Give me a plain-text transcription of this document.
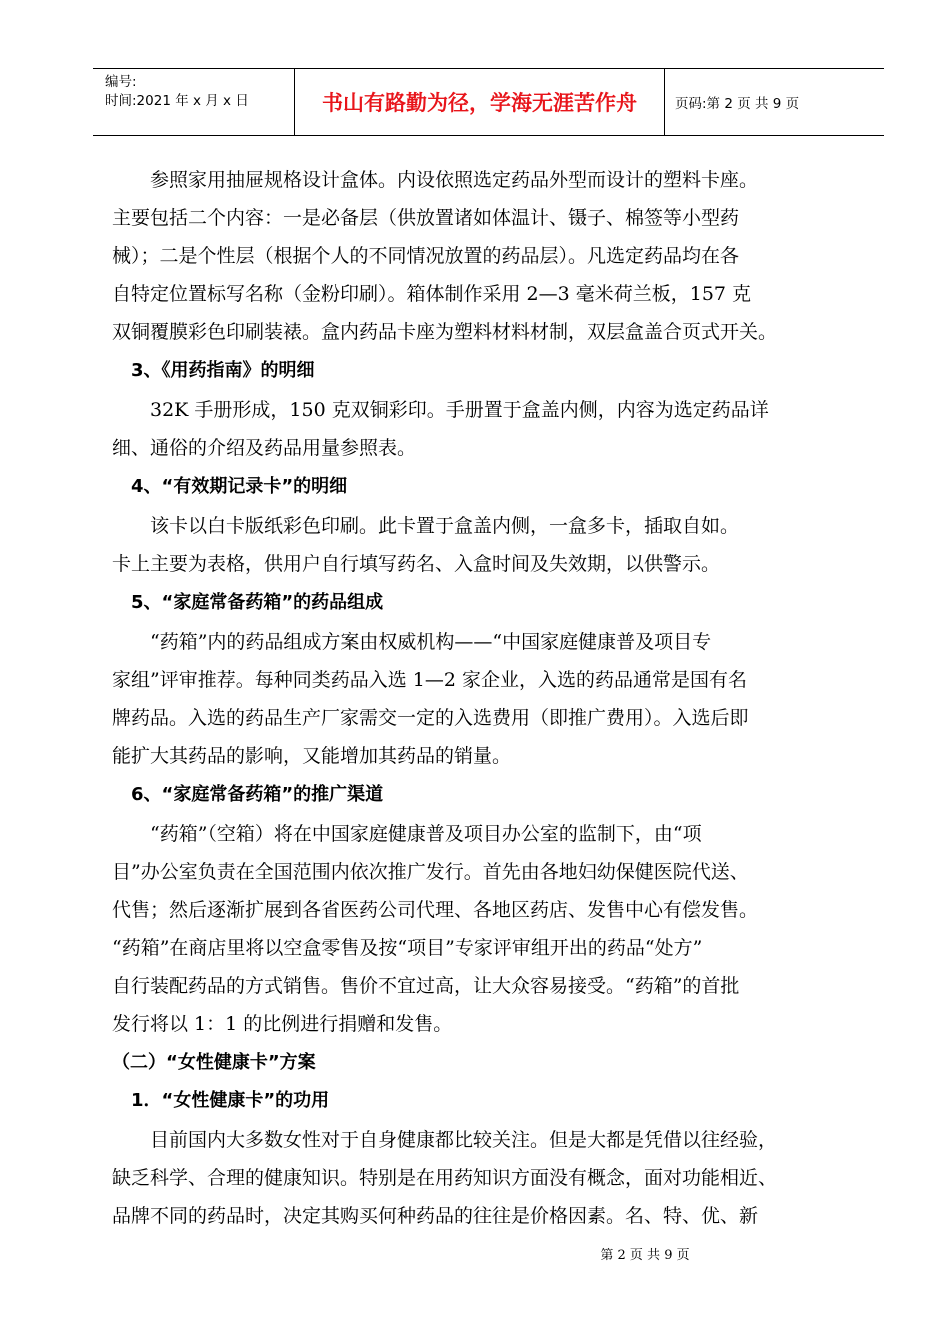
编号:
时间:2021 年 x 月 x 日	书山有路勤为径，学海无涯苦作舟	页码:第 2 页 共 9 页
参照家用抽屉规格设计盒体。内设依照选定药品外型而设计的塑料卡座。
主要包括二个内容：一是必备层（供放置诸如体温计、镊子、棉签等小型药
械）；二是个性层（根据个人的不同情况放置的药品层）。凡选定药品均在各
自特定位置标写名称（金粉印刷）。箱体制作采用 2—3 毫米荷兰板，157 克
双铜覆膜彩色印刷装裱。盒内药品卡座为塑料材料材制，双层盒盖合页式开关。
3、《用药指南》的明细
32K 手册形成，150 克双铜彩印。手册置于盒盖内侧，内容为选定药品详
细、通俗的介绍及药品用量参照表。
4、“有效期记录卡”的明细
该卡以白卡版纸彩色印刷。此卡置于盒盖内侧，一盒多卡，插取自如。
卡上主要为表格，供用户自行填写药名、入盒时间及失效期，以供警示。
5、“家庭常备药箱”的药品组成
“药箱”内的药品组成方案由权威机构——“中国家庭健康普及项目专
家组”评审推荐。每种同类药品入选 1—2 家企业，入选的药品通常是国有名
牌药品。入选的药品生产厂家需交一定的入选费用（即推广费用）。入选后即
能扩大其药品的影响，又能增加其药品的销量。
6、“家庭常备药箱”的推广渠道
“药箱”（空箱）将在中国家庭健康普及项目办公室的监制下，由“项
目”办公室负责在全国范围内依次推广发行。首先由各地妇幼保健医院代送、
代售；然后逐渐扩展到各省医药公司代理、各地区药店、发售中心有偿发售。
“药箱”在商店里将以空盒零售及按“项目”专家评审组开出的药品“处方”
自行装配药品的方式销售。售价不宜过高，让大众容易接受。“药箱”的首批
发行将以 1：1 的比例进行捐赠和发售。
（二）“女性健康卡”方案
1．“女性健康卡”的功用
目前国内大多数女性对于自身健康都比较关注。但是大都是凭借以往经验，
缺乏科学、合理的健康知识。特别是在用药知识方面没有概念，面对功能相近、
品牌不同的药品时，决定其购买何种药品的往往是价格因素。名、特、优、新
第 2 页 共 9 页
